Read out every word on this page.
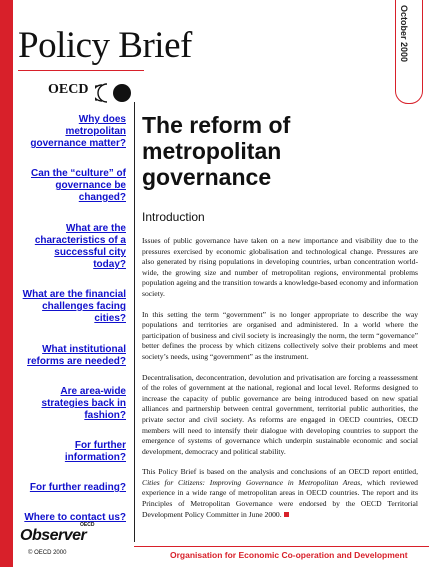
Policy Brief
OECD
October 2000
Why does metropolitan governance matter?
Can the “culture” of governance be changed?
What are the characteristics of a successful city today?
What are the financial challenges facing cities?
What institutional reforms are needed?
Are area-wide strategies back in fashion?
For further information?
For further reading?
Where to contact us?
The reform of metropolitan governance
Introduction

Issues of public governance have taken on a new importance and visibility due to the pressures exercised by economic globalisation and technological change. Pressures are also generated by rising populations in developing countries, urban concentration world-wide, the growing size and number of metropolitan regions, environmental problems population ageing and the transition towards a knowledge-based economy and information society.

In this setting the term “government” is no longer appropriate to describe the way populations and territories are organised and administered. In a world where the participation of business and civil society is increasingly the norm, the term “governance” better defines the process by which citizens collectively solve their problems and meet society’s needs, using “government” as the instrument.

Decentralisation, deconcentration, devolution and privatisation are forcing a reassessment of the roles of government at the national, regional and local level. Reforms designed to increase the capacity of public governance are being introduced based on new spatial alliances and partnership between central government, territorial public authorities, the private sector and civil society. As reforms are engaged in OECD countries, OECD members will need to intensify their dialogue with developing countries to support the emergence of systems of governance which underpin sustainable economic and social development, democracy and political stability.

This Policy Brief is based on the analysis and conclusions of an OECD report entitled, Cities for Citizens: Improving Governance in Metropolitan Areas, which reviewed experience in a wide range of metropolitan areas in OECD countries. The report and its Principles of Metropolitan Governance were endorsed by the OECD Territorial Development Policy Committer in June 2000.

OECD
Observer
© OECD 2000	Organisation for Economic Co-operation and Development
